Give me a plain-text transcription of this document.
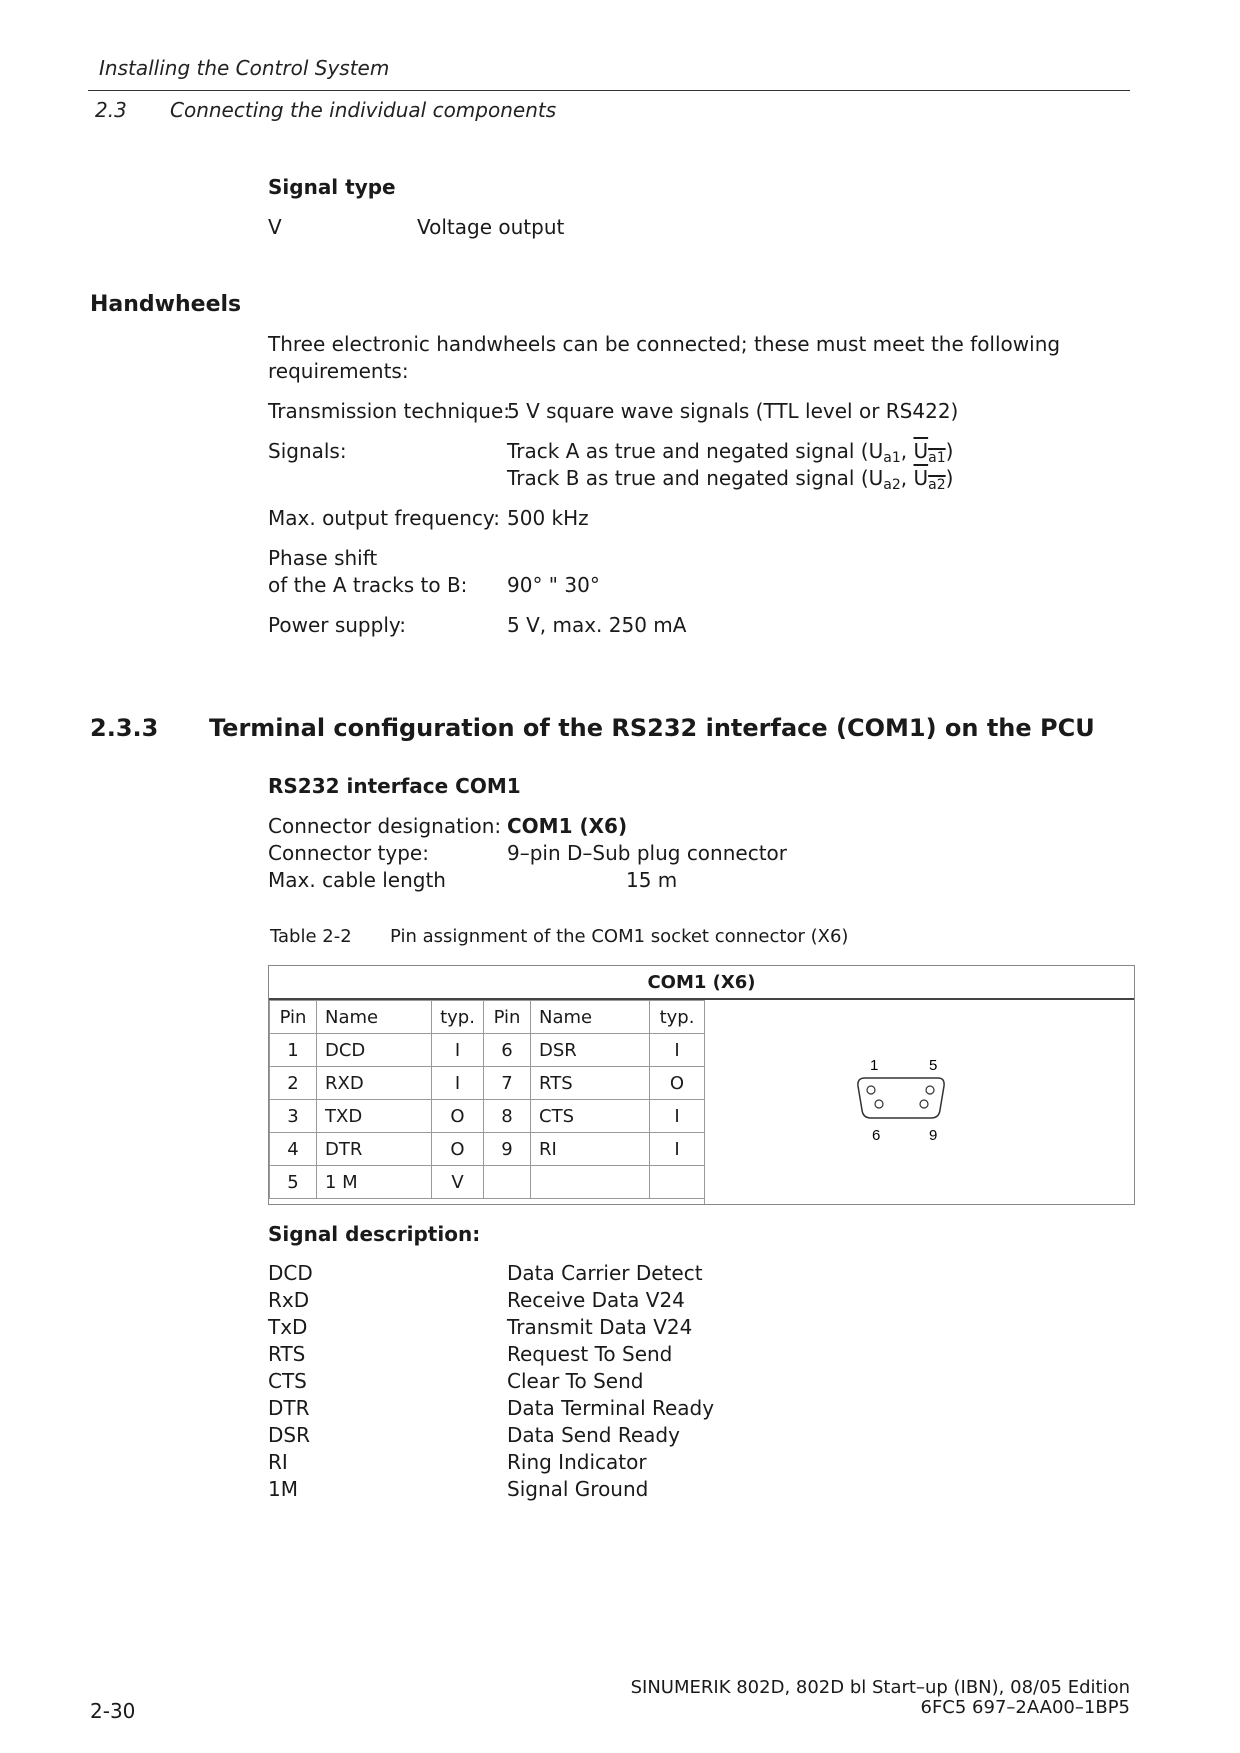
Installing the Control System
2.3 Connecting the individual components
Signal type
V	Voltage output
Handwheels
Three electronic handwheels can be connected; these must meet the following
requirements:
Transmission technique:
5 V square wave signals (TTL level or RS422)
Signals:	Track A as true and negated signal ($U_{a1}$, $U_{a1}$)
Track B as true and negated signal ($U_{a2}$, $U_{a2}$)
Max. output frequency: 500 kHz
Phase shift
of the A tracks to B: 90° " 30°
Power supply:	5 V, max. 250 mA
2.3.3 Terminal configuration of the RS232 interface (COM1) on the PCU
RS232 interface COM1
Connector designation: COM1 (X6)
Connector type:	9–pin D–Sub plug connector
Max. cable length	15 m
Table 2-2 Pin assignment of the COM1 socket connector (X6)
COM1 (X6)
Pin	Name	typ.	Pin	Name	typ.
1	DCD	I	6	DSR	I
2	RXD	I	7	RTS	O
3	TXD	O	8	CTS	I
4	DTR	O	9	RI	I
5	1 M	V			
1	5
6	9
Signal description:
DCD	Data Carrier Detect
RxD	Receive Data V24
TxD	Transmit Data V24
RTS	Request To Send
CTS	Clear To Send
DTR	Data Terminal Ready
DSR	Data Send Ready
RI	Ring Indicator
1M	Signal Ground
2-30
SINUMERIK 802D, 802D bl Start–up (IBN), 08/05 Edition
6FC5 697–2AA00–1BP5
